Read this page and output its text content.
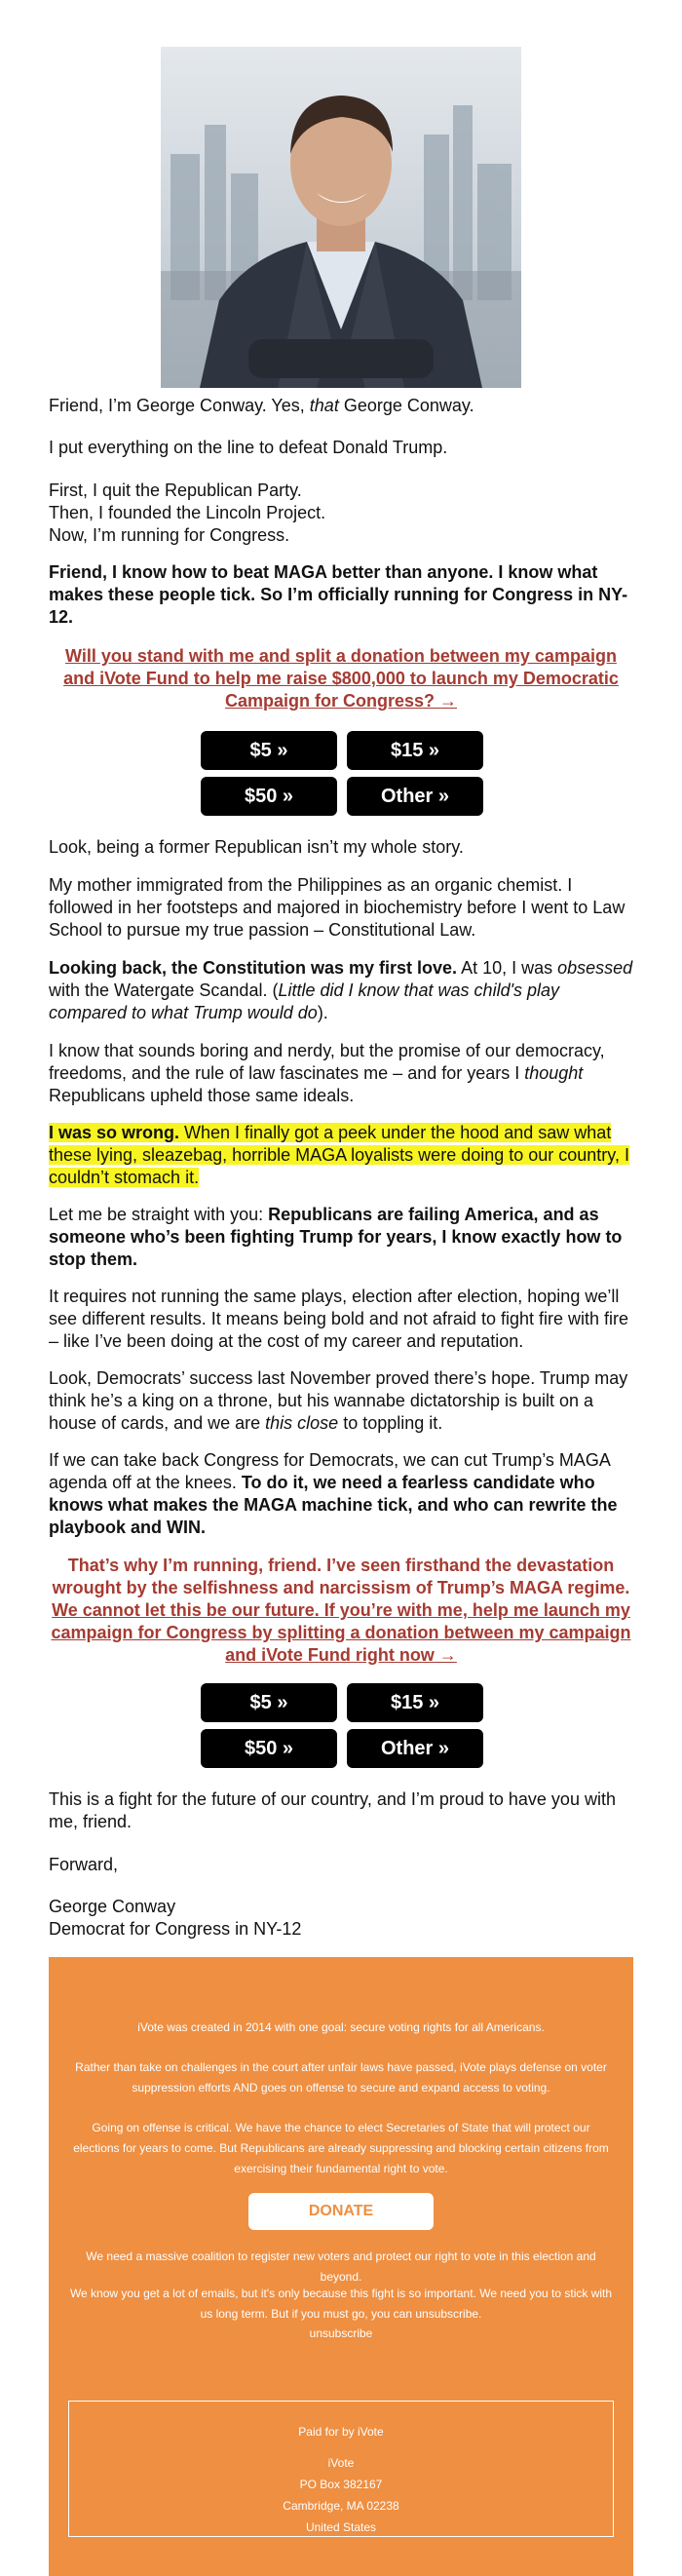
Friend, I’m George Conway. Yes, that George Conway.

I put everything on the line to defeat Donald Trump.

First, I quit the Republican Party.
Then, I founded the Lincoln Project.
Now, I’m running for Congress.

Friend, I know how to beat MAGA better than anyone. I know what makes these people tick. So I’m officially running for Congress in NY-12.

Will you stand with me and split a donation between my campaign and iVote Fund to help me raise $800,000 to launch my Democratic Campaign for Congress? →

$5 »	$15 »
$50 »	Other »

Look, being a former Republican isn’t my whole story.

My mother immigrated from the Philippines as an organic chemist. I followed in her footsteps and majored in biochemistry before I went to Law School to pursue my true passion – Constitutional Law.

Looking back, the Constitution was my first love. At 10, I was obsessed with the Watergate Scandal. (Little did I know that was child's play compared to what Trump would do).

I know that sounds boring and nerdy, but the promise of our democracy, freedoms, and the rule of law fascinates me – and for years I thought Republicans upheld those same ideals.

I was so wrong. When I finally got a peek under the hood and saw what these lying, sleazebag, horrible MAGA loyalists were doing to our country, I couldn’t stomach it.

Let me be straight with you: Republicans are failing America, and as someone who’s been fighting Trump for years, I know exactly how to stop them.

It requires not running the same plays, election after election, hoping we’ll see different results. It means being bold and not afraid to fight fire with fire – like I’ve been doing at the cost of my career and reputation.

Look, Democrats’ success last November proved there’s hope. Trump may think he’s a king on a throne, but his wannabe dictatorship is built on a house of cards, and we are this close to toppling it.

If we can take back Congress for Democrats, we can cut Trump’s MAGA agenda off at the knees. To do it, we need a fearless candidate who knows what makes the MAGA machine tick, and who can rewrite the playbook and WIN.

That’s why I’m running, friend. I’ve seen firsthand the devastation wrought by the selfishness and narcissism of Trump’s MAGA regime. We cannot let this be our future. If you’re with me, help me launch my campaign for Congress by splitting a donation between my campaign and iVote Fund right now →

$5 »	$15 »
$50 »	Other »

This is a fight for the future of our country, and I’m proud to have you with me, friend.

Forward,

George Conway
Democrat for Congress in NY-12

iVote was created in 2014 with one goal: secure voting rights for all Americans.

Rather than take on challenges in the court after unfair laws have passed, iVote plays defense on voter suppression efforts AND goes on offense to secure and expand access to voting.

Going on offense is critical. We have the chance to elect Secretaries of State that will protect our elections for years to come. But Republicans are already suppressing and blocking certain citizens from exercising their fundamental right to vote.

DONATE

We need a massive coalition to register new voters and protect our right to vote in this election and beyond.

We know you get a lot of emails, but it's only because this fight is so important. We need you to stick with us long term. But if you must go, you can unsubscribe.

unsubscribe

Paid for by iVote

iVote

PO Box 382167

Cambridge, MA 02238

United States
